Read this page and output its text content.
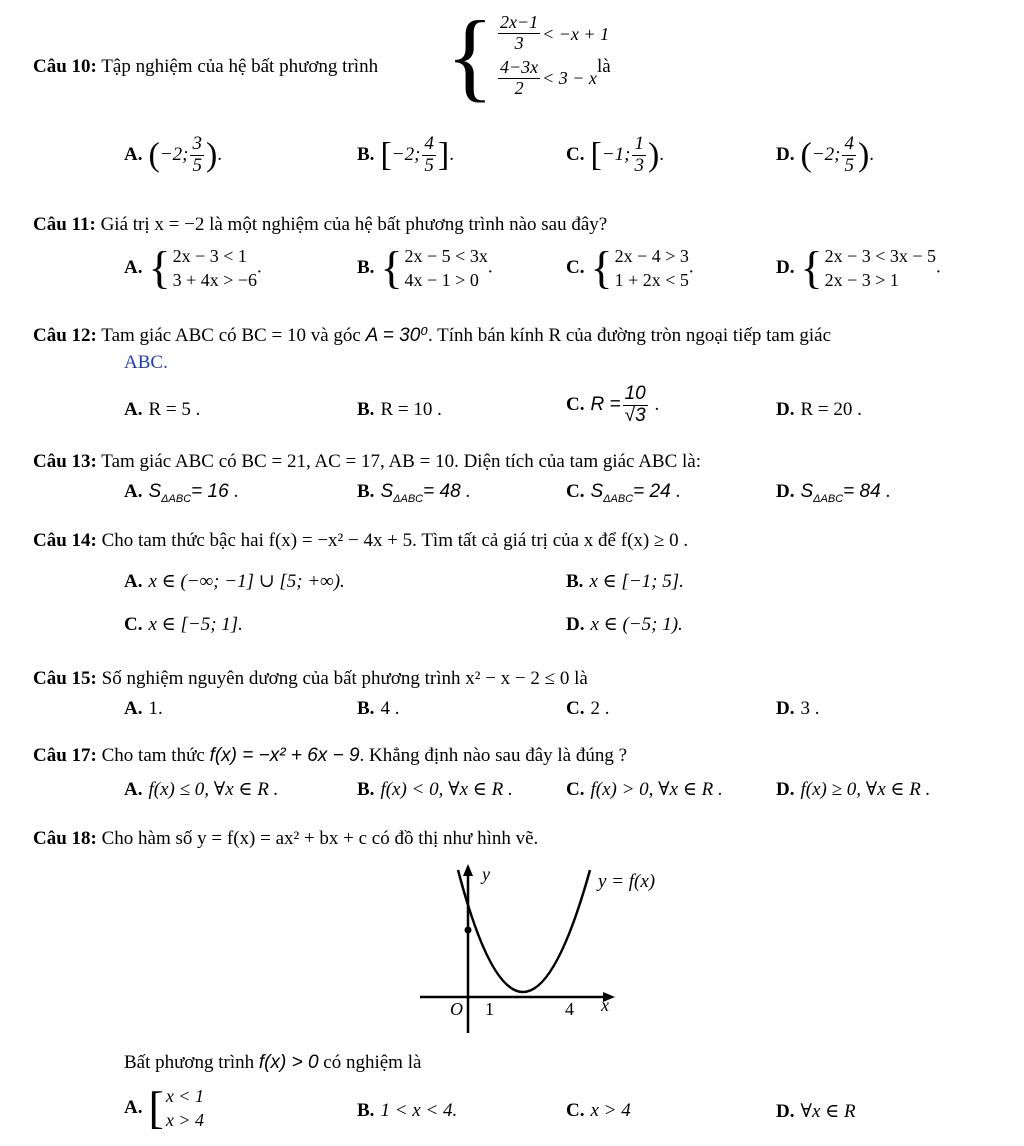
Câu 10: Tập nghiệm của hệ bất phương trình { $\frac{2x-1}{3} < -x + 1$
$\frac{4-3x}{2} < 3 - x$
là
A. (−2; $\frac{3}{5}$ ).	B. [−2; $\frac{4}{5}$ ].	C. [−1; $\frac{1}{3}$ ).	D. (−2; $\frac{4}{5}$ ).
Câu 11: Giá trị x = −2 là một nghiệm của hệ bất phương trình nào sau đây?
A. { 2x − 3 < 1
3 + 4x > −6
.	B. { 2x − 5 < 3x
4x − 1 > 0
.	C. { 2x − 4 > 3
1 + 2x < 5
.	D. { 2x − 3 < 3x − 5
2x − 3 > 1
.
Câu 12: Tam giác ABC có BC = 10 và góc A = 30⁰. Tính bán kính R của đường tròn ngoại tiếp tam giác
ABC.
A. R = 5 .	B. R = 10 .	C. $R = \frac{10}{√3}$ .	D. R = 20 .
Câu 13: Tam giác ABC có BC = 21, AC = 17, AB = 10. Diện tích của tam giác ABC là:
A. $S_{\Delta ABC}= 16$ .	B. $S_{\Delta ABC}= 48$ .	C. $S_{\Delta ABC}= 24$ .	D. $S_{\Delta ABC}= 84$ .
Câu 14: Cho tam thức bậc hai f(x) = −x² − 4x + 5. Tìm tất cả giá trị của x để f(x) ≥ 0 .
A. x ∈ (−∞; −1] ∪ [5; +∞).	B. x ∈ [−1; 5].
C. x ∈ [−5; 1].	D. x ∈ (−5; 1).
Câu 15: Số nghiệm nguyên dương của bất phương trình x² − x − 2 ≤ 0 là
A. 1.	B. 4 .	C. 2 .	D. 3 .
Câu 17: Cho tam thức f(x) = −x² + 6x − 9. Khẳng định nào sau đây là đúng ?
A. f(x) ≤ 0, ∀x ∈ R .	B. f(x) < 0, ∀x ∈ R .	C. f(x) > 0, ∀x ∈ R .	D. f(x) ≥ 0, ∀x ∈ R .
Câu 18: Cho hàm số y = f(x) = ax² + bx + c có đồ thị như hình vẽ.
y
x
O 1	4
y = f(x)
Bất phương trình f(x) > 0 có nghiệm là
A. [ x < 1
x > 4	B. 1 < x < 4.	C. x > 4	D. ∀x ∈ R
